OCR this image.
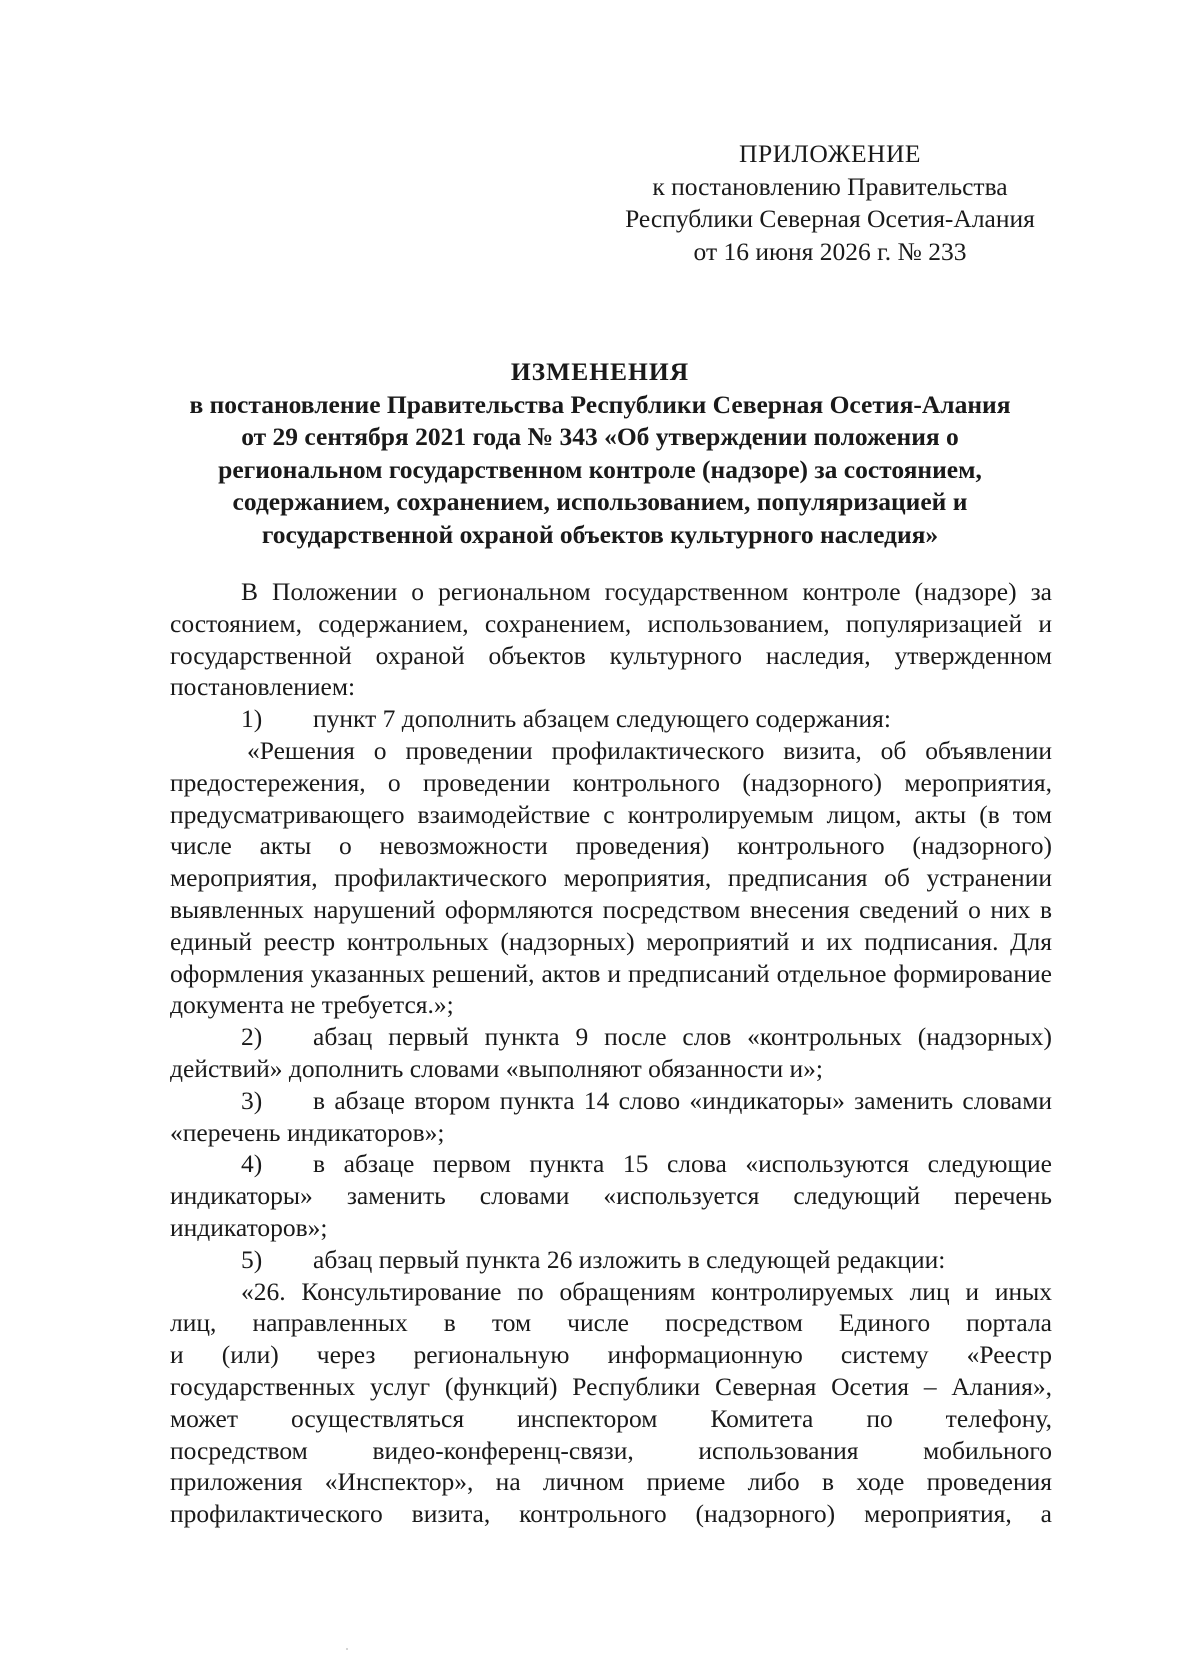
ПРИЛОЖЕНИЕ
к постановлению Правительства
Республики Северная Осетия-Алания
от 16 июня 2026 г. № 233
ИЗМЕНЕНИЯ
в постановление Правительства Республики Северная Осетия-Алания
от 29 сентября 2021 года № 343 «Об утверждении положения о
региональном государственном контроле (надзоре) за состоянием,
содержанием, сохранением, использованием, популяризацией и
государственной охраной объектов культурного наследия»

В Положении о региональном государственном контроле (надзоре) за состоянием, содержанием, сохранением, использованием, популяризацией и государственной охраной объектов культурного наследия, утвержденном постановлением:

1) пункт 7 дополнить абзацем следующего содержания:

«Решения о проведении профилактического визита, об объявлении предостережения, о проведении контрольного (надзорного) мероприятия, предусматривающего взаимодействие с контролируемым лицом, акты (в том числе акты о невозможности проведения) контрольного (надзорного) мероприятия, профилактического мероприятия, предписания об устранении выявленных нарушений оформляются посредством внесения сведений о них в единый реестр контрольных (надзорных) мероприятий и их подписания. Для оформления указанных решений, актов и предписаний отдельное формирование документа не требуется.»;

2) абзац первый пункта 9 после слов «контрольных (надзорных) действий» дополнить словами «выполняют обязанности и»;

3) в абзаце втором пункта 14 слово «индикаторы» заменить словами «перечень индикаторов»;

4) в абзаце первом пункта 15 слова «используются следующие индикаторы» заменить словами «используется следующий перечень индикаторов»;

5) абзац первый пункта 26 изложить в следующей редакции:

«26. Консультирование по обращениям контролируемых лиц и иных
лиц, направленных в том числе посредством Единого портала
и (или) через региональную информационную систему «Реестр
государственных услуг (функций) Республики Северная Осетия – Алания»,
может осуществляться инспектором Комитета по телефону,
посредством видео-конференц-связи, использования мобильного
приложения «Инспектор», на личном приеме либо в ходе проведения
профилактического визита, контрольного (надзорного) мероприятия, а
